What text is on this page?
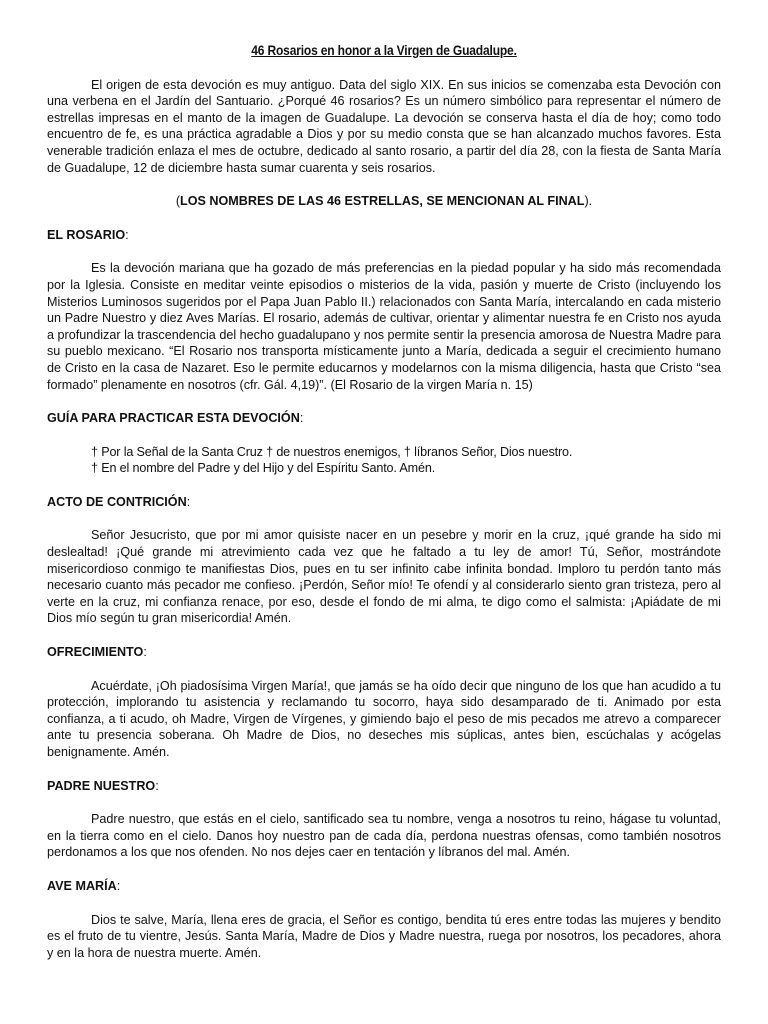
46 Rosarios en honor a la Virgen de Guadalupe.

El origen de esta devoción es muy antiguo. Data del siglo XIX. En sus inicios se comenzaba esta Devoción con una verbena en el Jardín del Santuario. ¿Porqué 46 rosarios? Es un número simbólico para representar el número de estrellas impresas en el manto de la imagen de Guadalupe. La devoción se conserva hasta el día de hoy; como todo encuentro de fe, es una práctica agradable a Dios y por su medio consta que se han alcanzado muchos favores. Esta venerable tradición enlaza el mes de octubre, dedicado al santo rosario, a partir del día 28, con la fiesta de Santa María de Guadalupe, 12 de diciembre hasta sumar cuarenta y seis rosarios.

(LOS NOMBRES DE LAS 46 ESTRELLAS, SE MENCIONAN AL FINAL).

EL ROSARIO:

Es la devoción mariana que ha gozado de más preferencias en la piedad popular y ha sido más recomendada por la Iglesia. Consiste en meditar veinte episodios o misterios de la vida, pasión y muerte de Cristo (incluyendo los Misterios Luminosos sugeridos por el Papa Juan Pablo II.) relacionados con Santa María, intercalando en cada misterio un Padre Nuestro y diez Aves Marías. El rosario, además de cultivar, orientar y alimentar nuestra fe en Cristo nos ayuda a profundizar la trascendencia del hecho guadalupano y nos permite sentir la presencia amorosa de Nuestra Madre para su pueblo mexicano. “El Rosario nos transporta místicamente junto a María, dedicada a seguir el crecimiento humano de Cristo en la casa de Nazaret. Eso le permite educarnos y modelarnos con la misma diligencia, hasta que Cristo “sea formado” plenamente en nosotros (cfr. Gál. 4,19)”. (El Rosario de la virgen María n. 15)

GUÍA PARA PRACTICAR ESTA DEVOCIÓN:

† Por la Señal de la Santa Cruz † de nuestros enemigos, † líbranos Señor, Dios nuestro.

† En el nombre del Padre y del Hijo y del Espíritu Santo. Amén.

ACTO DE CONTRICIÓN:

Señor Jesucristo, que por mi amor quisiste nacer en un pesebre y morir en la cruz, ¡qué grande ha sido mi deslealtad! ¡Qué grande mi atrevimiento cada vez que he faltado a tu ley de amor! Tú, Señor, mostrándote misericordioso conmigo te manifiestas Dios, pues en tu ser infinito cabe infinita bondad. Imploro tu perdón tanto más necesario cuanto más pecador me confieso. ¡Perdón, Señor mío! Te ofendí y al considerarlo siento gran tristeza, pero al verte en la cruz, mi confianza renace, por eso, desde el fondo de mi alma, te digo como el salmista: ¡Apiádate de mi Dios mío según tu gran misericordia! Amén.

OFRECIMIENTO:

Acuérdate, ¡Oh piadosísima Virgen María!, que jamás se ha oído decir que ninguno de los que han acudido a tu protección, implorando tu asistencia y reclamando tu socorro, haya sido desamparado de ti. Animado por esta confianza, a ti acudo, oh Madre, Virgen de Vírgenes, y gimiendo bajo el peso de mis pecados me atrevo a comparecer ante tu presencia soberana. Oh Madre de Dios, no deseches mis súplicas, antes bien, escúchalas y acógelas benignamente. Amén.

PADRE NUESTRO:

Padre nuestro, que estás en el cielo, santificado sea tu nombre, venga a nosotros tu reino, hágase tu voluntad, en la tierra como en el cielo. Danos hoy nuestro pan de cada día, perdona nuestras ofensas, como también nosotros perdonamos a los que nos ofenden. No nos dejes caer en tentación y líbranos del mal. Amén.

AVE MARÍA:

Dios te salve, María, llena eres de gracia, el Señor es contigo, bendita tú eres entre todas las mujeres y bendito es el fruto de tu vientre, Jesús. Santa María, Madre de Dios y Madre nuestra, ruega por nosotros, los pecadores, ahora y en la hora de nuestra muerte. Amén.
